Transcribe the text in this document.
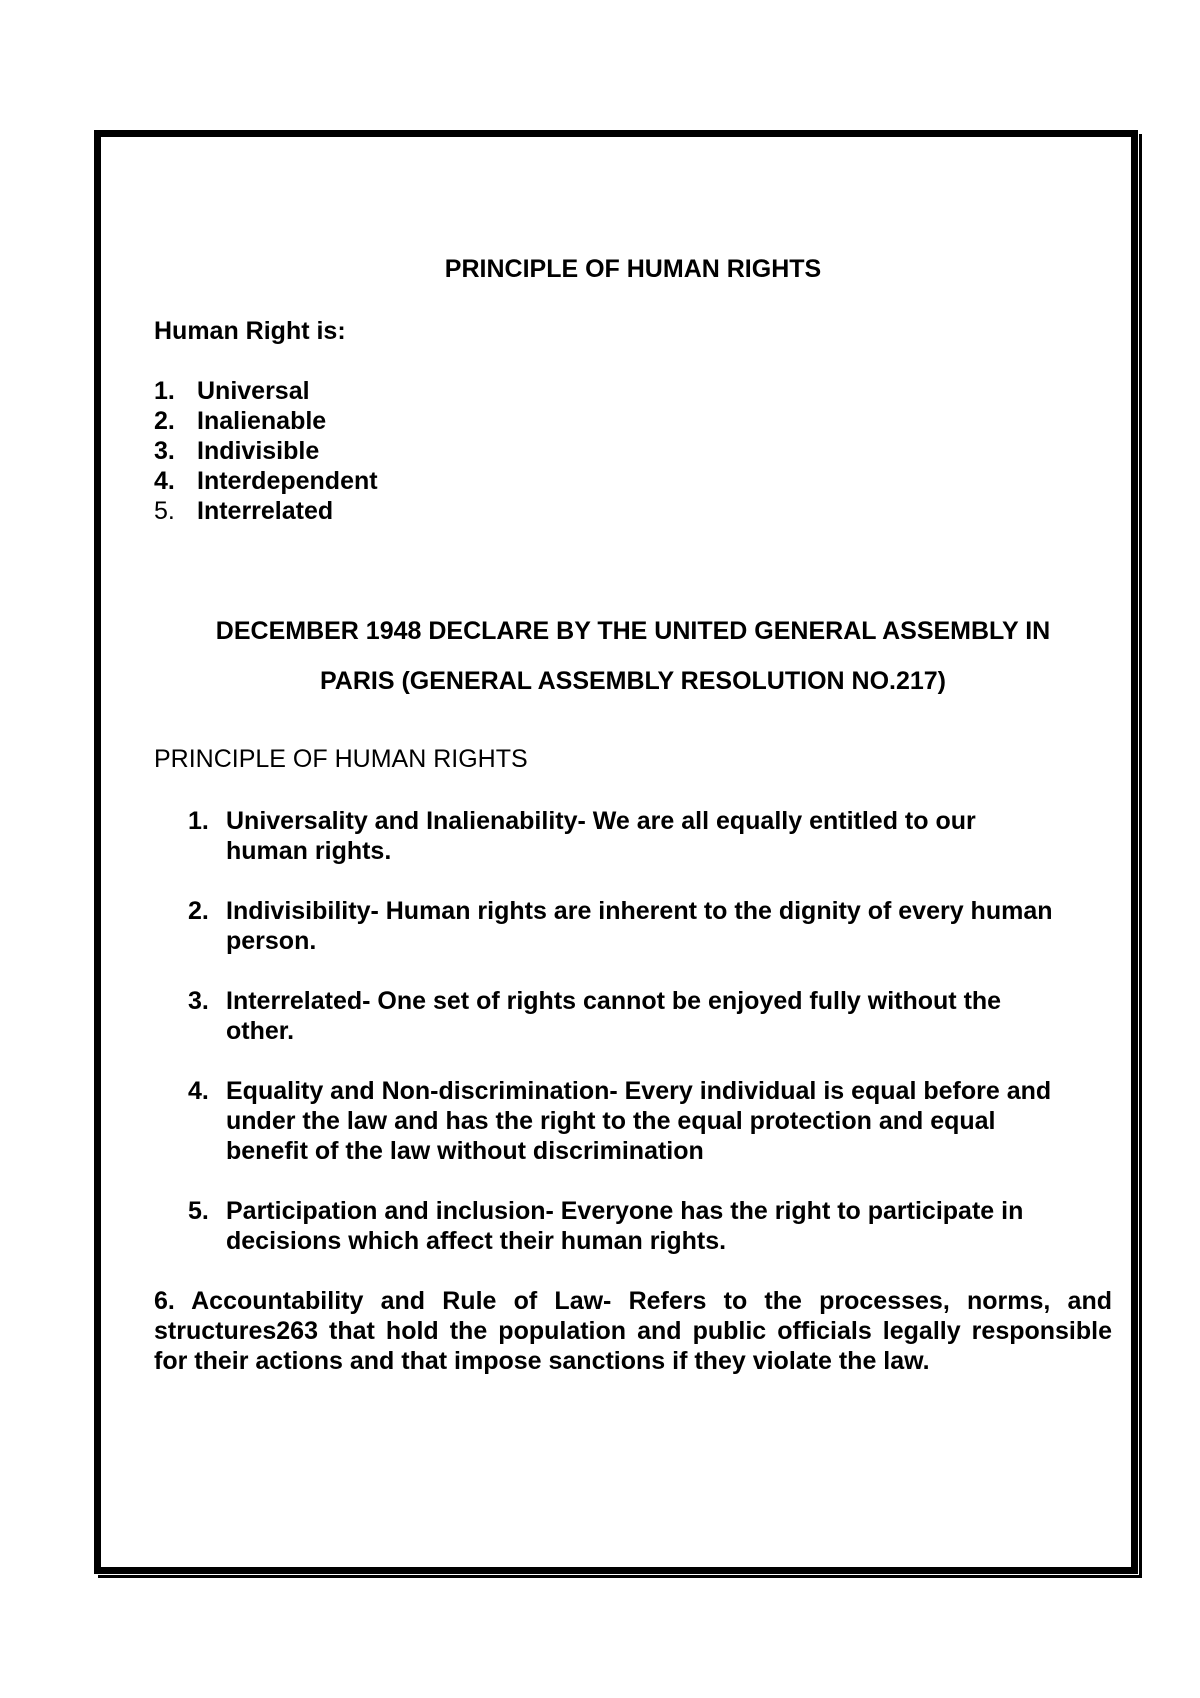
PRINCIPLE OF HUMAN RIGHTS
Human Right is:
1. Universal
2. Inalienable
3. Indivisible
4. Interdependent
5. Interrelated
DECEMBER 1948 DECLARE BY THE UNITED GENERAL ASSEMBLY IN
PARIS (GENERAL ASSEMBLY RESOLUTION NO.217)
PRINCIPLE OF HUMAN RIGHTS
1. Universality and Inalienability- We are all equally entitled to our
human rights.
2. Indivisibility- Human rights are inherent to the dignity of every human
person.
3. Interrelated- One set of rights cannot be enjoyed fully without the
other.
4. Equality and Non-discrimination- Every individual is equal before and
under the law and has the right to the equal protection and equal
benefit of the law without discrimination
5. Participation and inclusion- Everyone has the right to participate in
decisions which affect their human rights.
6. Accountability and Rule of Law- Refers to the processes, norms, and structures263 that hold the population and public officials legally responsible for their actions and that impose sanctions if they violate the law.
